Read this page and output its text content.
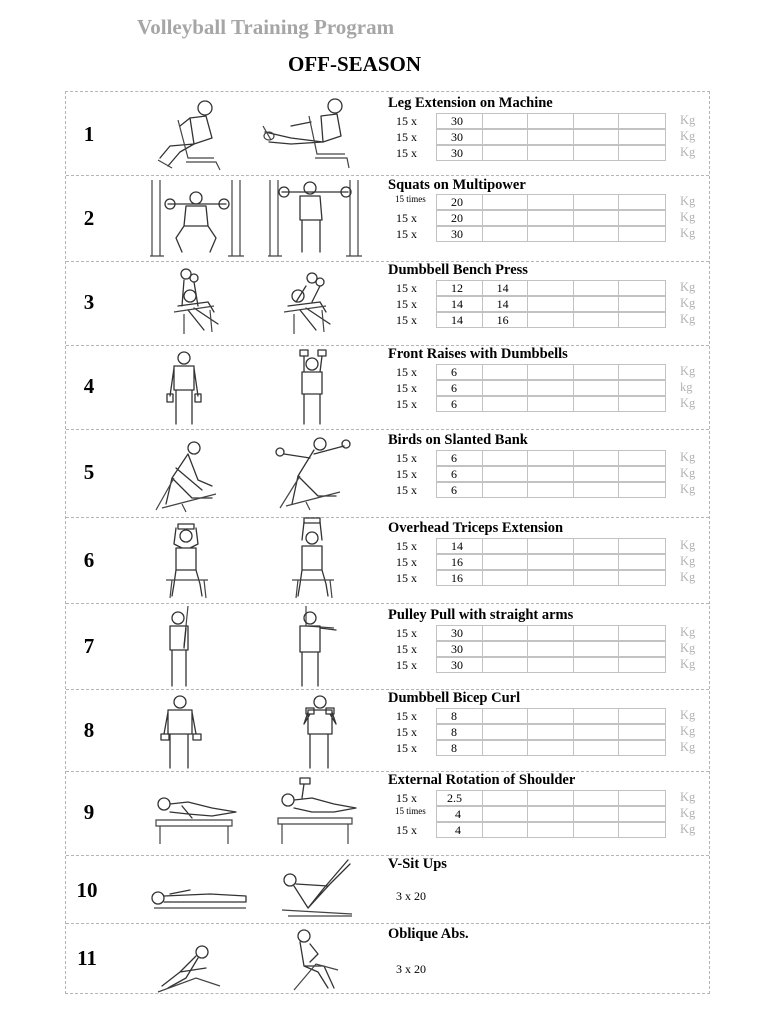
Volleyball Training Program
OFF-SEASON
1
Leg Extension on Machine
15 x	30	Kg
15 x	30	Kg
15 x	30	Kg
2
Squats on Multipower
15 times	20	Kg
15 x	20	Kg
15 x	30	Kg
3
Dumbbell Bench Press
15 x	12	14	Kg
15 x	14	14	Kg
15 x	14	16	Kg
4
Front Raises with Dumbbells
15 x	6	Kg
15 x	6	kg
15 x	6	Kg
5
Birds on Slanted Bank
15 x	6	Kg
15 x	6	Kg
15 x	6	Kg
6
Overhead Triceps Extension
15 x	14	Kg
15 x	16	Kg
15 x	16	Kg
7
Pulley Pull with straight arms
15 x	30	Kg
15 x	30	Kg
15 x	30	Kg
8
Dumbbell Bicep Curl
15 x	8	Kg
15 x	8	Kg
15 x	8	Kg
9
External Rotation of Shoulder
15 x	2.5	Kg
15 times	4	Kg
15 x	4	Kg
10
V-Sit Ups
3 x 20
11
Oblique Abs.
3 x 20
